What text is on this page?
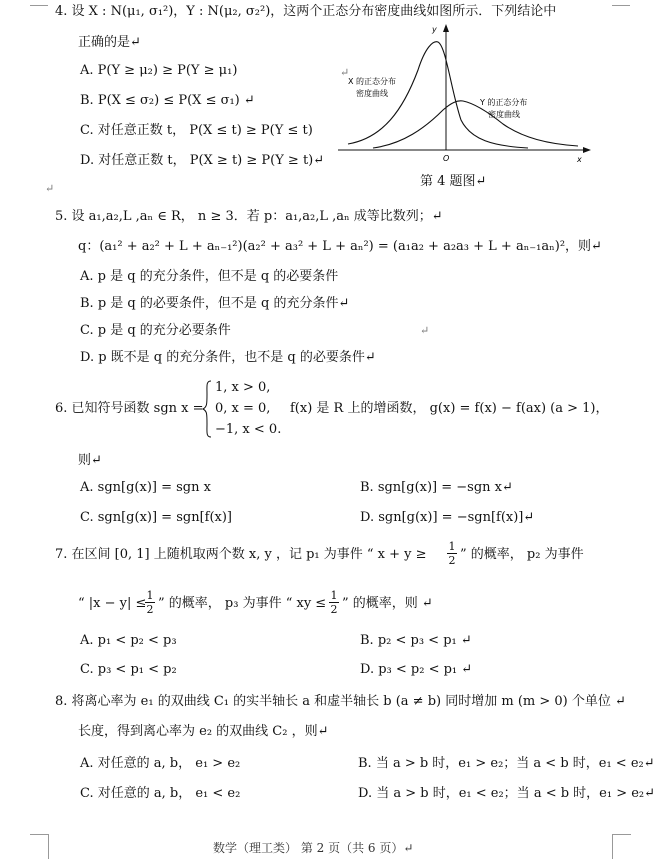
4. 设 X : N(μ₁, σ₁²)，Y : N(μ₂, σ₂²)，这两个正态分布密度曲线如图所示．下列结论中
正确的是↵
A. P(Y ≥ μ₂) ≥ P(Y ≥ μ₁)
B. P(X ≤ σ₂) ≤ P(X ≤ σ₁) ↵
C. 对任意正数 t， P(X ≤ t) ≥ P(Y ≤ t)
D. 对任意正数 t， P(X ≥ t) ≥ P(Y ≥ t)↵
y
x
O
X 的正态分布
密度曲线
Y 的正态分布
密度曲线
↵
第 4 题图↵
↵
5. 设 a₁,a₂,L ,aₙ ∈ R， n ≥ 3．若 p：a₁,a₂,L ,aₙ 成等比数列；↵
q：(a₁² + a₂² + L + aₙ₋₁²)(a₂² + a₃² + L + aₙ²) = (a₁a₂ + a₂a₃ + L + aₙ₋₁aₙ)²，则↵
A. p 是 q 的充分条件，但不是 q 的必要条件
B. p 是 q 的必要条件，但不是 q 的充分条件↵
C. p 是 q 的充分必要条件	↵
D. p 既不是 q 的充分条件，也不是 q 的必要条件↵
6. 已知符号函数 sgn x =
1, x > 0,
0, x = 0,
−1, x < 0.
f(x) 是 R 上的增函数， g(x) = f(x) − f(ax) (a > 1)，
则↵
A. sgn[g(x)] = sgn x	B. sgn[g(x)] = −sgn x↵
C. sgn[g(x)] = sgn[f(x)]	D. sgn[g(x)] = −sgn[f(x)]↵
7. 在区间 [0, 1] 上随机取两个数 x, y ，记 p₁ 为事件 “ $x + y \ge \frac{1}{2}$ ” 的概率， p₂ 为事件
“ |x − y| ≤
$\frac{1}{2}$ ” 的概率， p₃ 为事件 “ xy ≤ $\frac{1}{2}$ ” 的概率，则 ↵
A. p₁ < p₂ < p₃	B. p₂ < p₃ < p₁ ↵
C. p₃ < p₁ < p₂	D. p₃ < p₂ < p₁ ↵
8. 将离心率为 e₁ 的双曲线 C₁ 的实半轴长 a 和虚半轴长 b (a ≠ b) 同时增加 m (m > 0) 个单位 ↵
长度，得到离心率为 e₂ 的双曲线 C₂ ，则↵
A. 对任意的 a, b， e₁ > e₂	B. 当 a > b 时，e₁ > e₂；当 a < b 时，e₁ < e₂↵
C. 对任意的 a, b， e₁ < e₂	D. 当 a > b 时，e₁ < e₂；当 a < b 时，e₁ > e₂↵
数学（理工类） 第 2 页（共 6 页）↵
